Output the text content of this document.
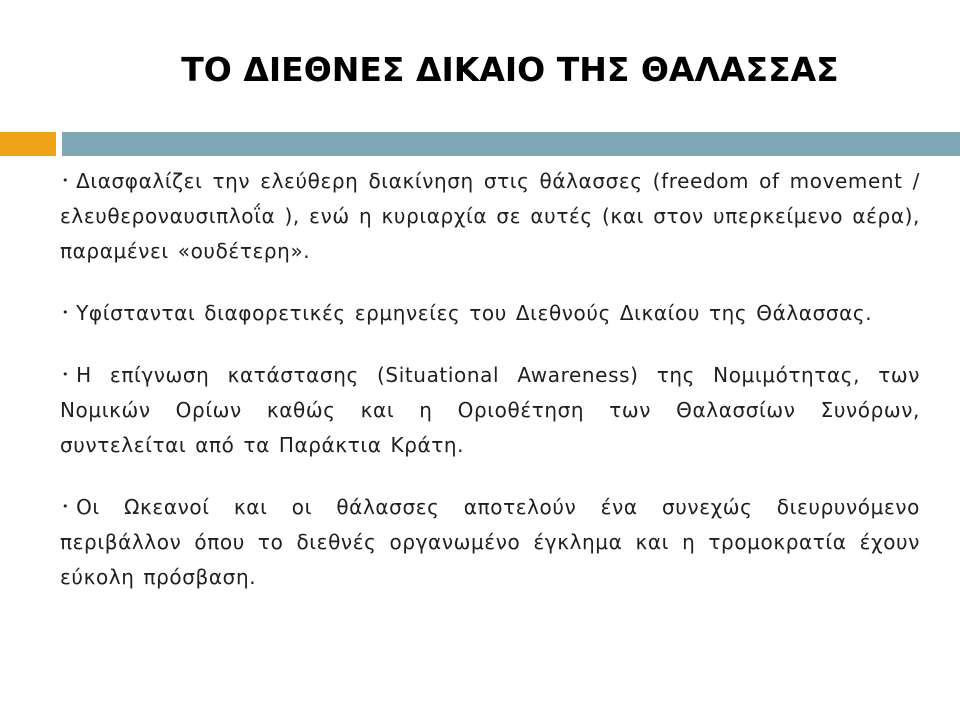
ΤΟ ΔΙΕΘΝΕΣ ΔΙΚΑΙΟ ΤΗΣ ΘΑΛΑΣΣΑΣ

• Διασφαλίζει την ελεύθερη διακίνηση στις θάλασσες (freedom of movement / ελευθεροναυσιπλοΐα ), ενώ η κυριαρχία σε αυτές (και στον υπερκείμενο αέρα), παραμένει «ουδέτερη».

• Υφίστανται διαφορετικές ερμηνείες του Διεθνούς Δικαίου της Θάλασσας.

• Η επίγνωση κατάστασης (Situational Awareness) της Νομιμότητας, των Νομικών Ορίων καθώς και η Οριοθέτηση των Θαλασσίων Συνόρων, συντελείται από τα Παράκτια Κράτη.

• Οι Ωκεανοί και οι θάλασσες αποτελούν ένα συνεχώς διευρυνόμενο περιβάλλον όπου το διεθνές οργανωμένο έγκλημα και η τρομοκρατία έχουν εύκολη πρόσβαση.
